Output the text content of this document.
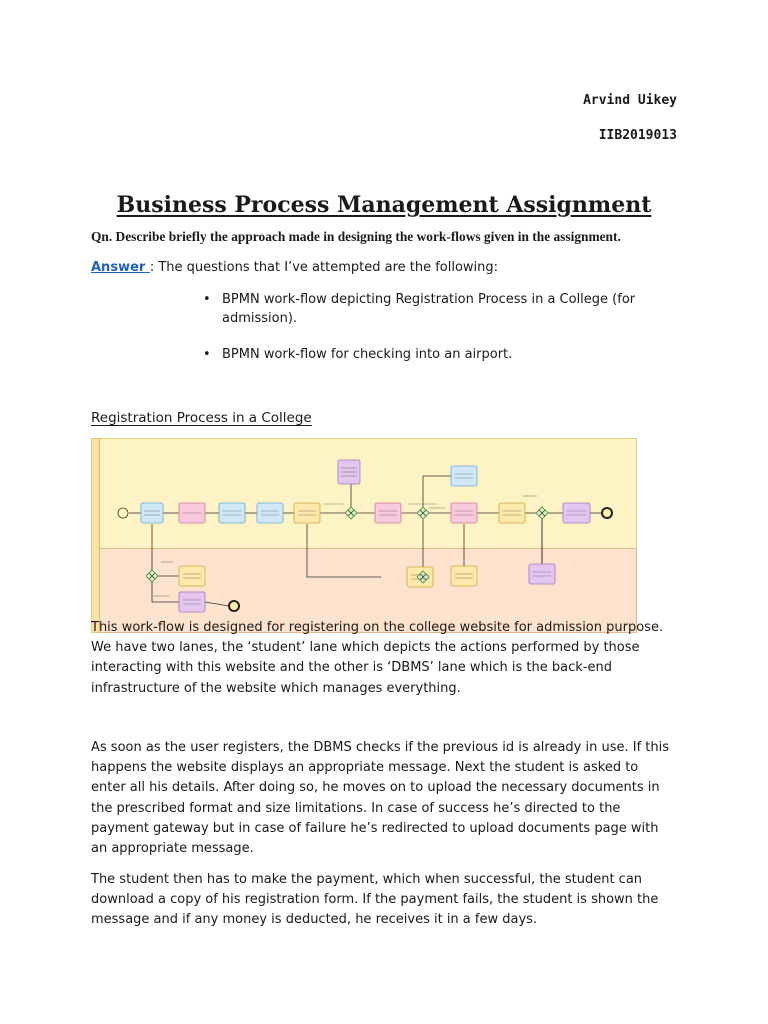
Arvind Uikey
IIB2019013
Business Process Management Assignment
Qn. Describe briefly the approach made in designing the work-flows given in the assignment.
Answer : The questions that I’ve attempted are the following:
• BPMN work-flow depicting Registration Process in a College (for admission).
• BPMN work-flow for checking into an airport.
Registration Process in a College

This work-flow is designed for registering on the college website for admission purpose. We have two lanes, the ‘student’ lane which depicts the actions performed by those interacting with this website and the other is ‘DBMS’ lane which is the back-end infrastructure of the website which manages everything.

As soon as the user registers, the DBMS checks if the previous id is already in use. If this happens the website displays an appropriate message. Next the student is asked to enter all his details. After doing so, he moves on to upload the necessary documents in the prescribed format and size limitations. In case of success he’s directed to the payment gateway but in case of failure he’s redirected to upload documents page with an appropriate message.

The student then has to make the payment, which when successful, the student can download a copy of his registration form. If the payment fails, the student is shown the message and if any money is deducted, he receives it in a few days.
